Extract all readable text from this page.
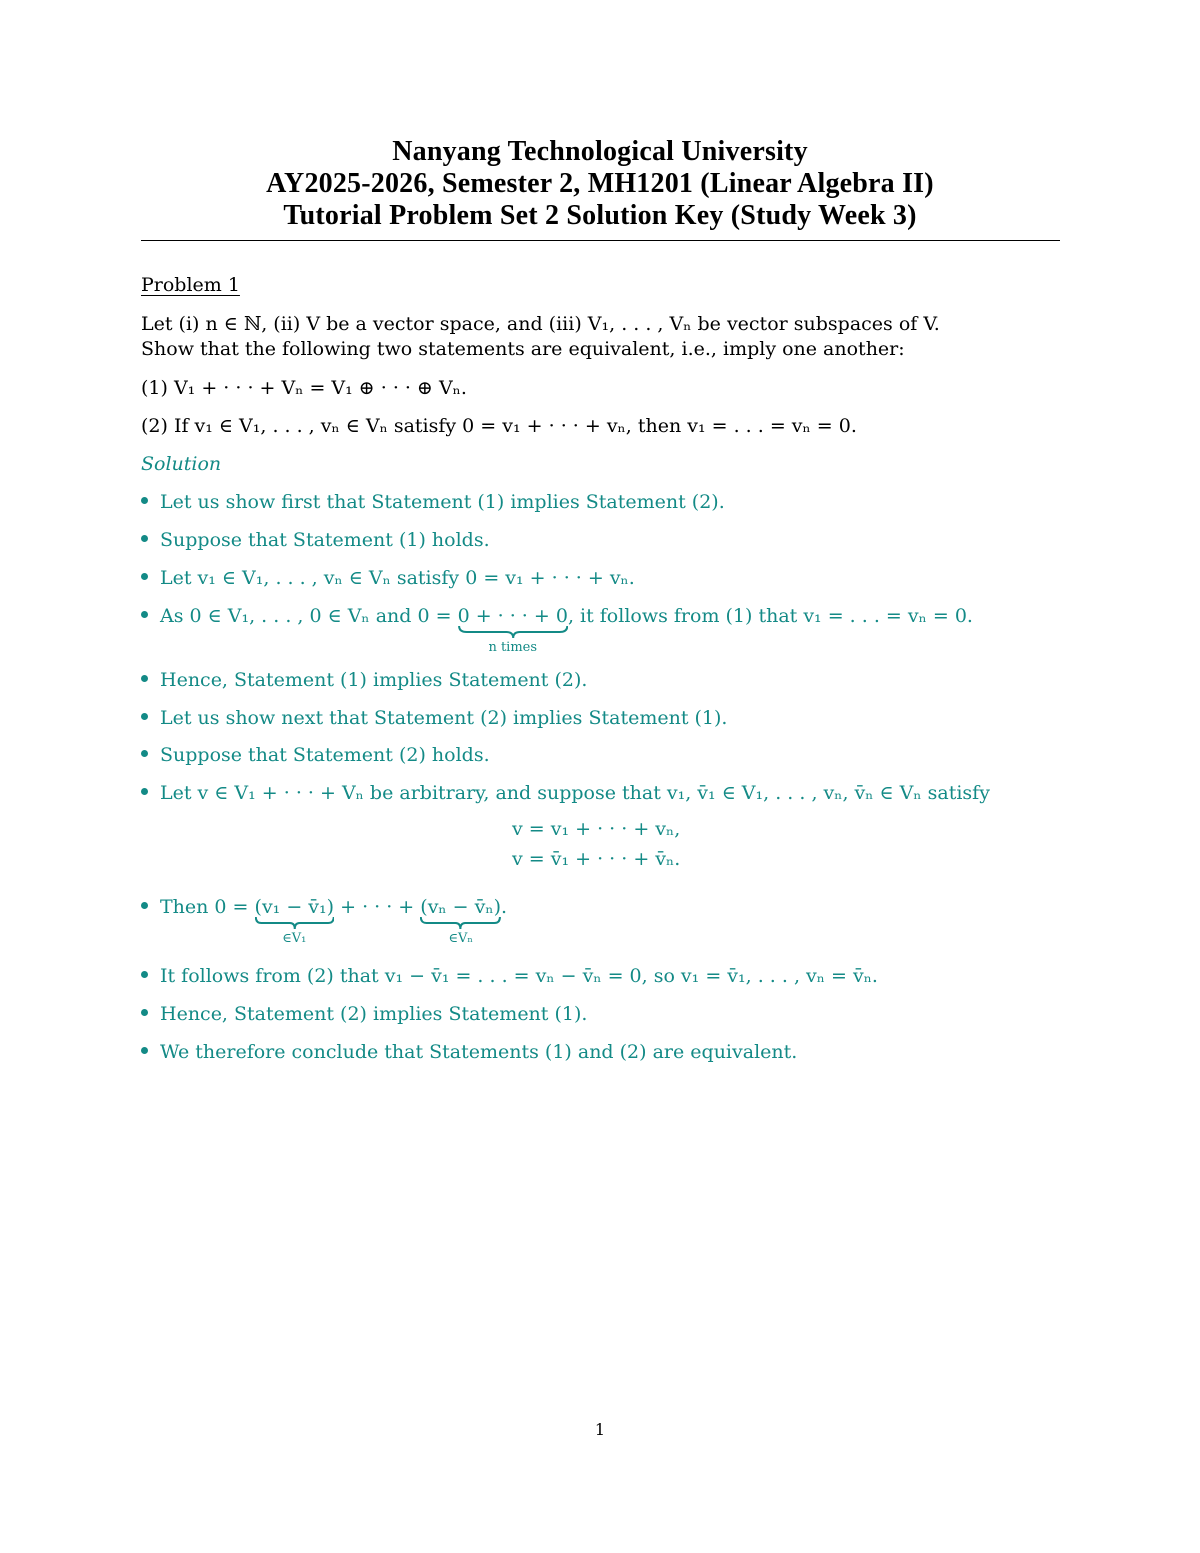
Nanyang Technological University
AY2025-2026, Semester 2, MH1201 (Linear Algebra II)
Tutorial Problem Set 2 Solution Key (Study Week 3)
Problem 1
Let (i) n ∈ ℕ, (ii) V be a vector space, and (iii) V₁, . . . , Vₙ be vector subspaces of V.
Show that the following two statements are equivalent, i.e., imply one another:
(1) V₁ + · · · + Vₙ = V₁ ⊕ · · · ⊕ Vₙ.
(2) If v₁ ∈ V₁, . . . , vₙ ∈ Vₙ satisfy 0 = v₁ + · · · + vₙ, then v₁ = . . . = vₙ = 0.
Solution
Let us show first that Statement (1) implies Statement (2).
Suppose that Statement (1) holds.
Let v₁ ∈ V₁, . . . , vₙ ∈ Vₙ satisfy 0 = v₁ + · · · + vₙ.
As 0 ∈ V₁, . . . , 0 ∈ Vₙ and 0 = 0 + · · · + 0
n times
, it follows from (1) that v₁ = . . . = vₙ = 0.
Hence, Statement (1) implies Statement (2).
Let us show next that Statement (2) implies Statement (1).
Suppose that Statement (2) holds.
Let v ∈ V₁ + · · · + Vₙ be arbitrary, and suppose that v₁, v̄₁ ∈ V₁, . . . , vₙ, v̄ₙ ∈ Vₙ satisfy
v = v₁ + · · · + vₙ,
v = v̄₁ + · · · + v̄ₙ.
Then 0 = (v₁ − v̄₁)
∈V₁
+ · · · + (vₙ − v̄ₙ)
∈Vₙ
.
It follows from (2) that v₁ − v̄₁ = . . . = vₙ − v̄ₙ = 0, so v₁ = v̄₁, . . . , vₙ = v̄ₙ.
Hence, Statement (2) implies Statement (1).
We therefore conclude that Statements (1) and (2) are equivalent.
1
